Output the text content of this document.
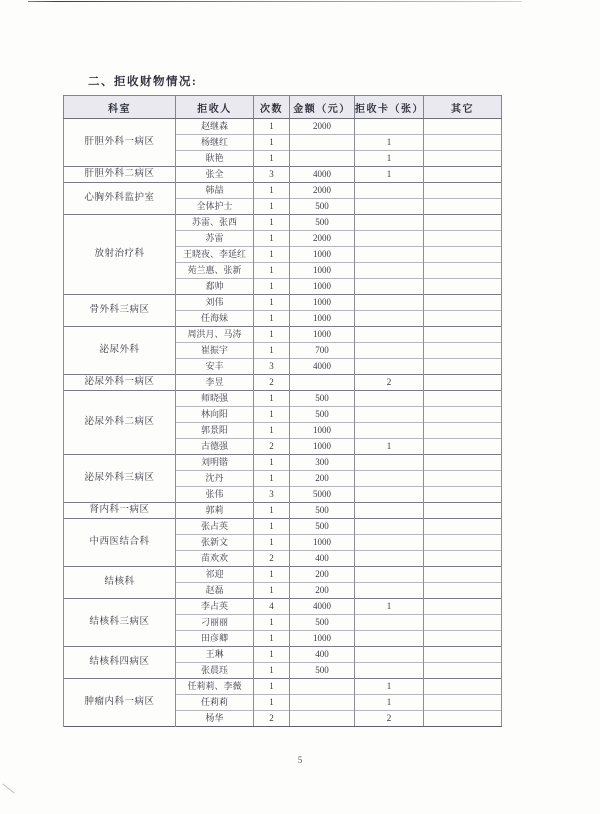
二、拒收财物情况:
科室	拒收人	次数	金额（元）	拒收卡（张）	其它
肝胆外科一病区	赵继森	1	2000		
	杨继红	1		1	
	耿艳	1		1	
肝胆外科二病区	张全	3	4000	1	
心胸外科监护室	韩喆	1	2000		
	全体护士	1	500		
放射治疗科	苏雷、张西	1	500		
	苏雷	1	2000		
	王晓夜、李延红	1	1000		
	苑兰惠、张新	1	1000		
	郄帅	1	1000		
骨外科三病区	刘伟	1	1000		
	任海妹	1	1000		
泌尿外科	周洪月、马涛	1	1000		
	崔振宇	1	700		
	安丰	3	4000		
泌尿外科一病区	李昱	2		2	
泌尿外科二病区	师晓强	1	500		
	林向阳	1	500		
	郭景阳	1	1000		
	古德强	2	1000	1	
泌尿外科三病区	刘明锴	1	300		
	沈丹	1	200		
	张伟	3	5000		
肾内科一病区	郭莉	1	500		
中西医结合科	张占英	1	500		
	张新文	1	1000		
	苗欢欢	2	400		
结核科	祁迎	1	200		
	赵磊	1	200		
结核科三病区	李占英	4	4000	1	
	刁丽丽	1	500		
	田彦卿	1	1000		
结核科四病区	王琳	1	400		
	张晨珏	1	500		
肿瘤内科一病区	任莉莉、李薇	1		1	
	任莉莉	1		1	
	杨华	2		2	
5
